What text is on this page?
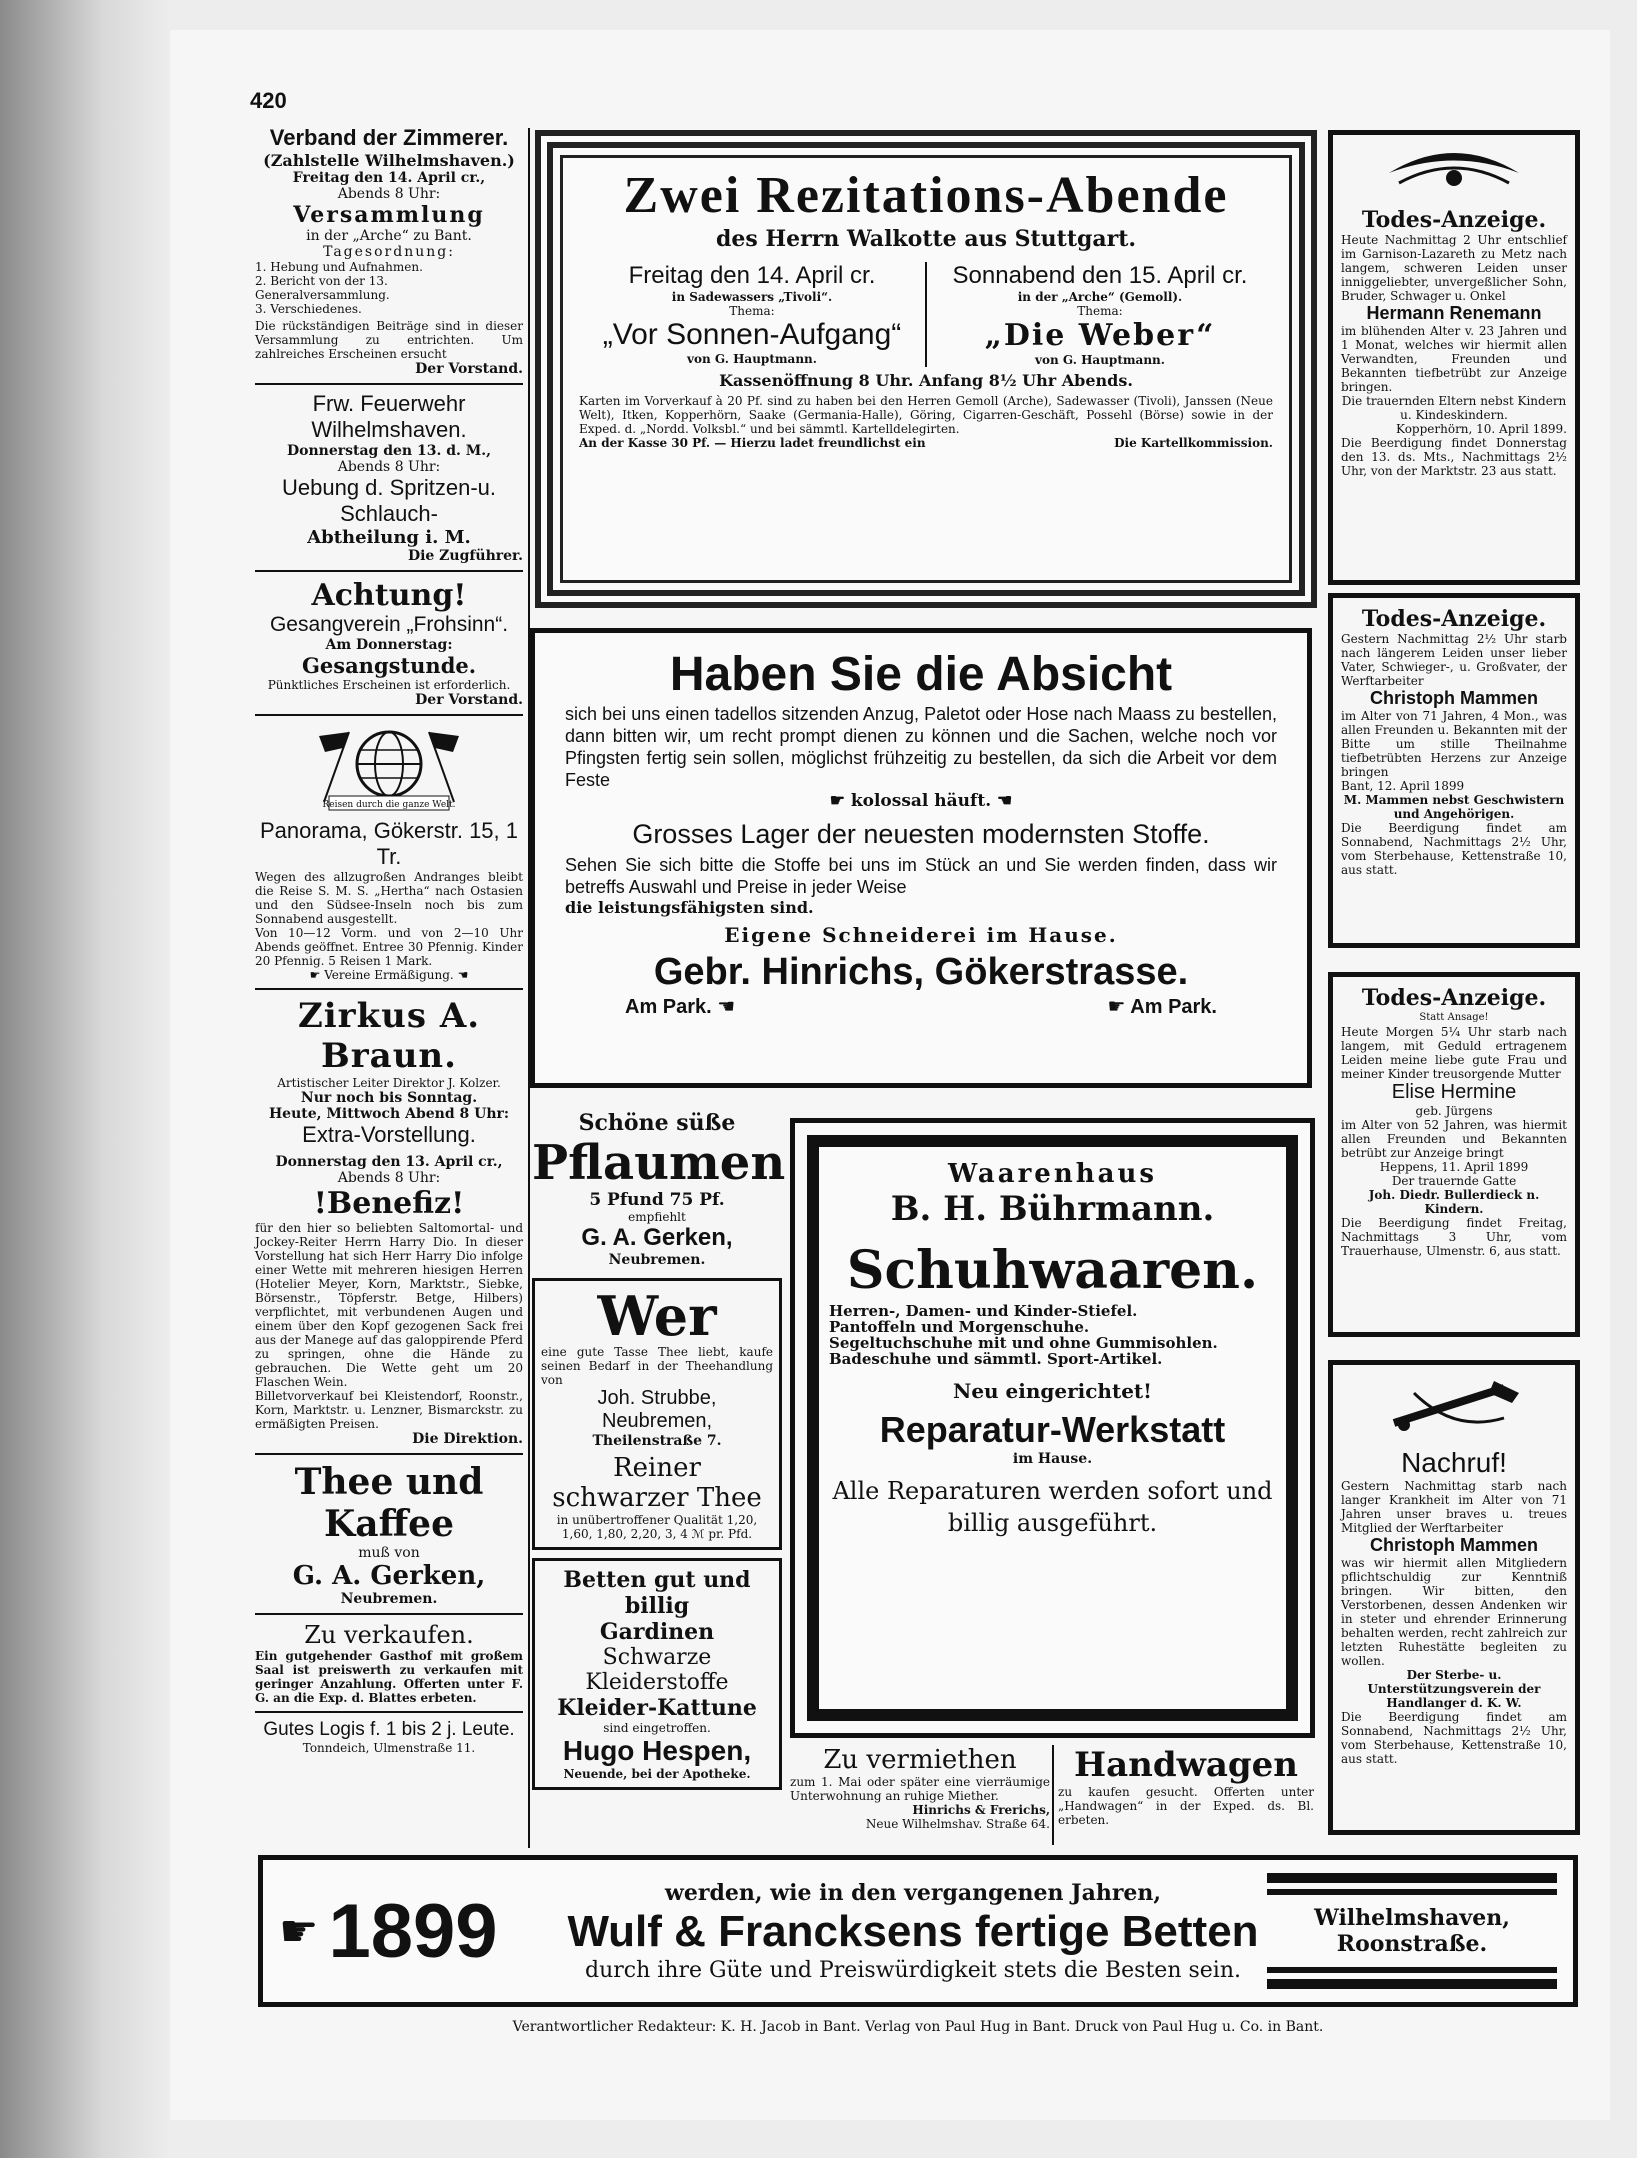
420
Verband der Zimmerer.
(Zahlstelle Wilhelmshaven.)
Freitag den 14. April cr.,
Abends 8 Uhr:
Versammlung
in der „Arche“ zu Bant.
Tagesordnung:
1. Hebung und Aufnahmen.
2. Bericht von der 13. Generalversammlung.
3. Verschiedenes.
Die rückständigen Beiträge sind in dieser Versammlung zu entrichten. Um zahlreiches Erscheinen ersucht
Der Vorstand.
Frw. Feuerwehr Wilhelmshaven.
Donnerstag den 13. d. M.,
Abends 8 Uhr:
Uebung d. Spritzen-u. Schlauch-
Abtheilung i. M.
Die Zugführer.
Achtung!
Gesangverein „Frohsinn“.
Am Donnerstag:
Gesangstunde.
Pünktliches Erscheinen ist erforderlich.
Der Vorstand.
Reisen durch die ganze Welt.
Panorama, Gökerstr. 15, 1 Tr.
Wegen des allzugroßen Andranges bleibt die Reise S. M. S. „Hertha“ nach Ostasien und den Südsee-Inseln noch bis zum Sonnabend ausgestellt.
Von 10—12 Vorm. und von 2—10 Uhr Abends geöffnet. Entree 30 Pfennig. Kinder 20 Pfennig. 5 Reisen 1 Mark.
☛ Vereine Ermäßigung. ☚
Zirkus A. Braun.
Artistischer Leiter Direktor J. Kolzer.
Nur noch bis Sonntag.
Heute, Mittwoch Abend 8 Uhr:
Extra-Vorstellung.
Donnerstag den 13. April cr.,
Abends 8 Uhr:
!Benefiz!
für den hier so beliebten Saltomortal- und Jockey-Reiter Herrn Harry Dio. In dieser Vorstellung hat sich Herr Harry Dio infolge einer Wette mit mehreren hiesigen Herren (Hotelier Meyer, Korn, Marktstr., Siebke, Börsenstr., Töpferstr. Betge, Hilbers) verpflichtet, mit verbundenen Augen und einem über den Kopf gezogenen Sack frei aus der Manege auf das galoppirende Pferd zu springen, ohne die Hände zu gebrauchen. Die Wette geht um 20 Flaschen Wein.
Billetvorverkauf bei Kleistendorf, Roonstr., Korn, Marktstr. u. Lenzner, Bismarckstr. zu ermäßigten Preisen.
Die Direktion.
Thee und Kaffee
muß von
G. A. Gerken,
Neubremen.
Zu verkaufen.
Ein gutgehender Gasthof mit großem Saal ist preiswerth zu verkaufen mit geringer Anzahlung. Offerten unter F. G. an die Exp. d. Blattes erbeten.
Gutes Logis f. 1 bis 2 j. Leute.
Tonndeich, Ulmenstraße 11.
Zwei Rezitations-Abende
des Herrn Walkotte aus Stuttgart.
Freitag den 14. April cr.
in Sadewassers „Tivoli“.
Thema:
„Vor Sonnen-Aufgang“
von G. Hauptmann.
Sonnabend den 15. April cr.
in der „Arche“ (Gemoll).
Thema:
„Die Weber“
von G. Hauptmann.
Kassenöffnung 8 Uhr. Anfang 8½ Uhr Abends.
Karten im Vorverkauf à 20 Pf. sind zu haben bei den Herren Gemoll (Arche), Sadewasser (Tivoli), Janssen (Neue Welt), Itken, Kopperhörn, Saake (Germania-Halle), Göring, Cigarren-Geschäft, Possehl (Börse) sowie in der Exped. d. „Nordd. Volksbl.“ und bei sämmtl. Kartelldelegirten.
An der Kasse 30 Pf. — Hierzu ladet freundlichst ein	Die Kartellkommission.
Haben Sie die Absicht
sich bei uns einen tadellos sitzenden Anzug, Paletot oder Hose nach Maass zu bestellen, dann bitten wir, um recht prompt dienen zu können und die Sachen, welche noch vor Pfingsten fertig sein sollen, möglichst frühzeitig zu bestellen, da sich die Arbeit vor dem Feste
☛ kolossal häuft. ☚
Grosses Lager der neuesten modernsten Stoffe.
Sehen Sie sich bitte die Stoffe bei uns im Stück an und Sie werden finden, dass wir betreffs Auswahl und Preise in jeder Weise
die leistungsfähigsten sind.
Eigene Schneiderei im Hause.
Gebr. Hinrichs, Gökerstrasse.
Am Park. ☚	☛ Am Park.
Schöne süße
Pflaumen
5 Pfund 75 Pf.
empfiehlt
G. A. Gerken,
Neubremen.
Wer
eine gute Tasse Thee liebt, kaufe seinen Bedarf in der Theehandlung von
Joh. Strubbe, Neubremen,
Theilenstraße 7.
Reiner schwarzer Thee
in unübertroffener Qualität 1,20, 1,60, 1,80, 2,20, 3, 4 ℳ pr. Pfd.
Betten gut und billig
Gardinen
Schwarze Kleiderstoffe
Kleider-Kattune
sind eingetroffen.
Hugo Hespen,
Neuende, bei der Apotheke.
Waarenhaus
B. H. Bührmann.
Schuhwaaren.
Herren-, Damen- und Kinder-Stiefel.
Pantoffeln und Morgenschuhe.
Segeltuchschuhe mit und ohne Gummisohlen.
Badeschuhe und sämmtl. Sport-Artikel.
Neu eingerichtet!
Reparatur-Werkstatt
im Hause.
Alle Reparaturen werden sofort und billig ausgeführt.
Zu vermiethen
zum 1. Mai oder später eine vierräumige Unterwohnung an ruhige Miether.
Hinrichs & Frerichs,
Neue Wilhelmshav. Straße 64.
Handwagen
zu kaufen gesucht. Offerten unter „Handwagen“ in der Exped. ds. Bl. erbeten.
Todes-Anzeige.
Heute Nachmittag 2 Uhr entschlief im Garnison-Lazareth zu Metz nach langem, schweren Leiden unser inniggeliebter, unvergeßlicher Sohn, Bruder, Schwager u. Onkel
Hermann Renemann
im blühenden Alter v. 23 Jahren und 1 Monat, welches wir hiermit allen Verwandten, Freunden und Bekannten tiefbetrübt zur Anzeige bringen.
Die trauernden Eltern nebst Kindern u. Kindeskindern.
Kopperhörn, 10. April 1899.
Die Beerdigung findet Donnerstag den 13. ds. Mts., Nachmittags 2½ Uhr, von der Marktstr. 23 aus statt.
Todes-Anzeige.
Gestern Nachmittag 2½ Uhr starb nach längerem Leiden unser lieber Vater, Schwieger-, u. Großvater, der Werftarbeiter
Christoph Mammen
im Alter von 71 Jahren, 4 Mon., was allen Freunden u. Bekannten mit der Bitte um stille Theilnahme tiefbetrübten Herzens zur Anzeige bringen
Bant, 12. April 1899
M. Mammen nebst Geschwistern und Angehörigen.
Die Beerdigung findet am Sonnabend, Nachmittags 2½ Uhr, vom Sterbehause, Kettenstraße 10, aus statt.
Todes-Anzeige.
Statt Ansage!
Heute Morgen 5¼ Uhr starb nach langem, mit Geduld ertragenem Leiden meine liebe gute Frau und meiner Kinder treusorgende Mutter
Elise Hermine
geb. Jürgens
im Alter von 52 Jahren, was hiermit allen Freunden und Bekannten betrübt zur Anzeige bringt
Heppens, 11. April 1899
Der trauernde Gatte
Joh. Diedr. Bullerdieck n. Kindern.
Die Beerdigung findet Freitag, Nachmittags 3 Uhr, vom Trauerhause, Ulmenstr. 6, aus statt.
Nachruf!
Gestern Nachmittag starb nach langer Krankheit im Alter von 71 Jahren unser braves u. treues Mitglied der Werftarbeiter
Christoph Mammen
was wir hiermit allen Mitgliedern pflichtschuldig zur Kenntniß bringen. Wir bitten, den Verstorbenen, dessen Andenken wir in steter und ehrender Erinnerung behalten werden, recht zahlreich zur letzten Ruhestätte begleiten zu wollen.
Der Sterbe- u. Unterstützungsverein der Handlanger d. K. W.
Die Beerdigung findet am Sonnabend, Nachmittags 2½ Uhr, vom Sterbehause, Kettenstraße 10, aus statt.
☛ 1899	werden, wie in den vergangenen Jahren,
Wulf & Francksens fertige Betten
durch ihre Güte und Preiswürdigkeit stets die Besten sein.
Wilhelmshaven, Roonstraße.
Verantwortlicher Redakteur: K. H. Jacob in Bant. Verlag von Paul Hug in Bant. Druck von Paul Hug u. Co. in Bant.
